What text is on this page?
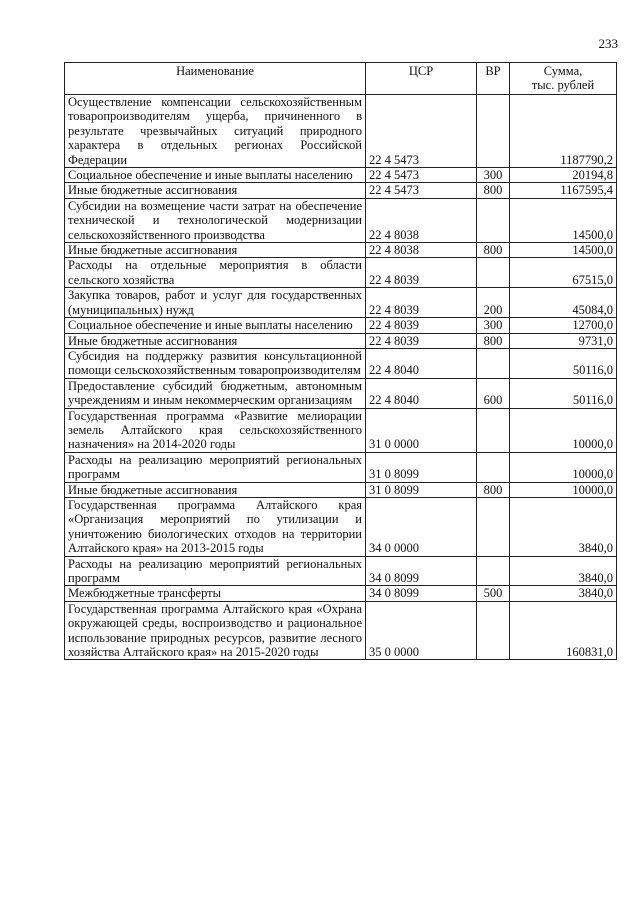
233
Наименование	ЦСР	ВР	Сумма,
тыс. рублей

Осуществление компенсации сельскохозяйственным товаропроизводителям ущерба, причиненного в результате чрезвычайных ситуаций природного характера в отдельных регионах Российской Федерации	22 4 5473		1187790,2
Социальное обеспечение и иные выплаты населению	22 4 5473	300	20194,8
Иные бюджетные ассигнования	22 4 5473	800	1167595,4
Субсидии на возмещение части затрат на обеспечение технической и технологической модернизации сельскохозяйственного производства	22 4 8038		14500,0
Иные бюджетные ассигнования	22 4 8038	800	14500,0
Расходы на отдельные мероприятия в области сельского хозяйства	22 4 8039		67515,0
Закупка товаров, работ и услуг для государственных (муниципальных) нужд	22 4 8039	200	45084,0
Социальное обеспечение и иные выплаты населению	22 4 8039	300	12700,0
Иные бюджетные ассигнования	22 4 8039	800	9731,0
Субсидия на поддержку развития консультационной помощи сельскохозяйственным товаропроизводителям	22 4 8040		50116,0
Предоставление субсидий бюджетным, автономным учреждениям и иным некоммерческим организациям	22 4 8040	600	50116,0
Государственная программа «Развитие мелиорации земель Алтайского края сельскохозяйственного назначения» на 2014-2020 годы	31 0 0000		10000,0
Расходы на реализацию мероприятий региональных программ	31 0 8099		10000,0
Иные бюджетные ассигнования	31 0 8099	800	10000,0
Государственная программа Алтайского края «Организация мероприятий по утилизации и уничтожению биологических отходов на территории Алтайского края» на 2013-2015 годы	34 0 0000		3840,0
Расходы на реализацию мероприятий региональных программ	34 0 8099		3840,0
Межбюджетные трансферты	34 0 8099	500	3840,0
Государственная программа Алтайского края «Охрана окружающей среды, воспроизводство и рациональное использование природных ресурсов, развитие лесного хозяйства Алтайского края» на 2015-2020 годы	35 0 0000		160831,0
